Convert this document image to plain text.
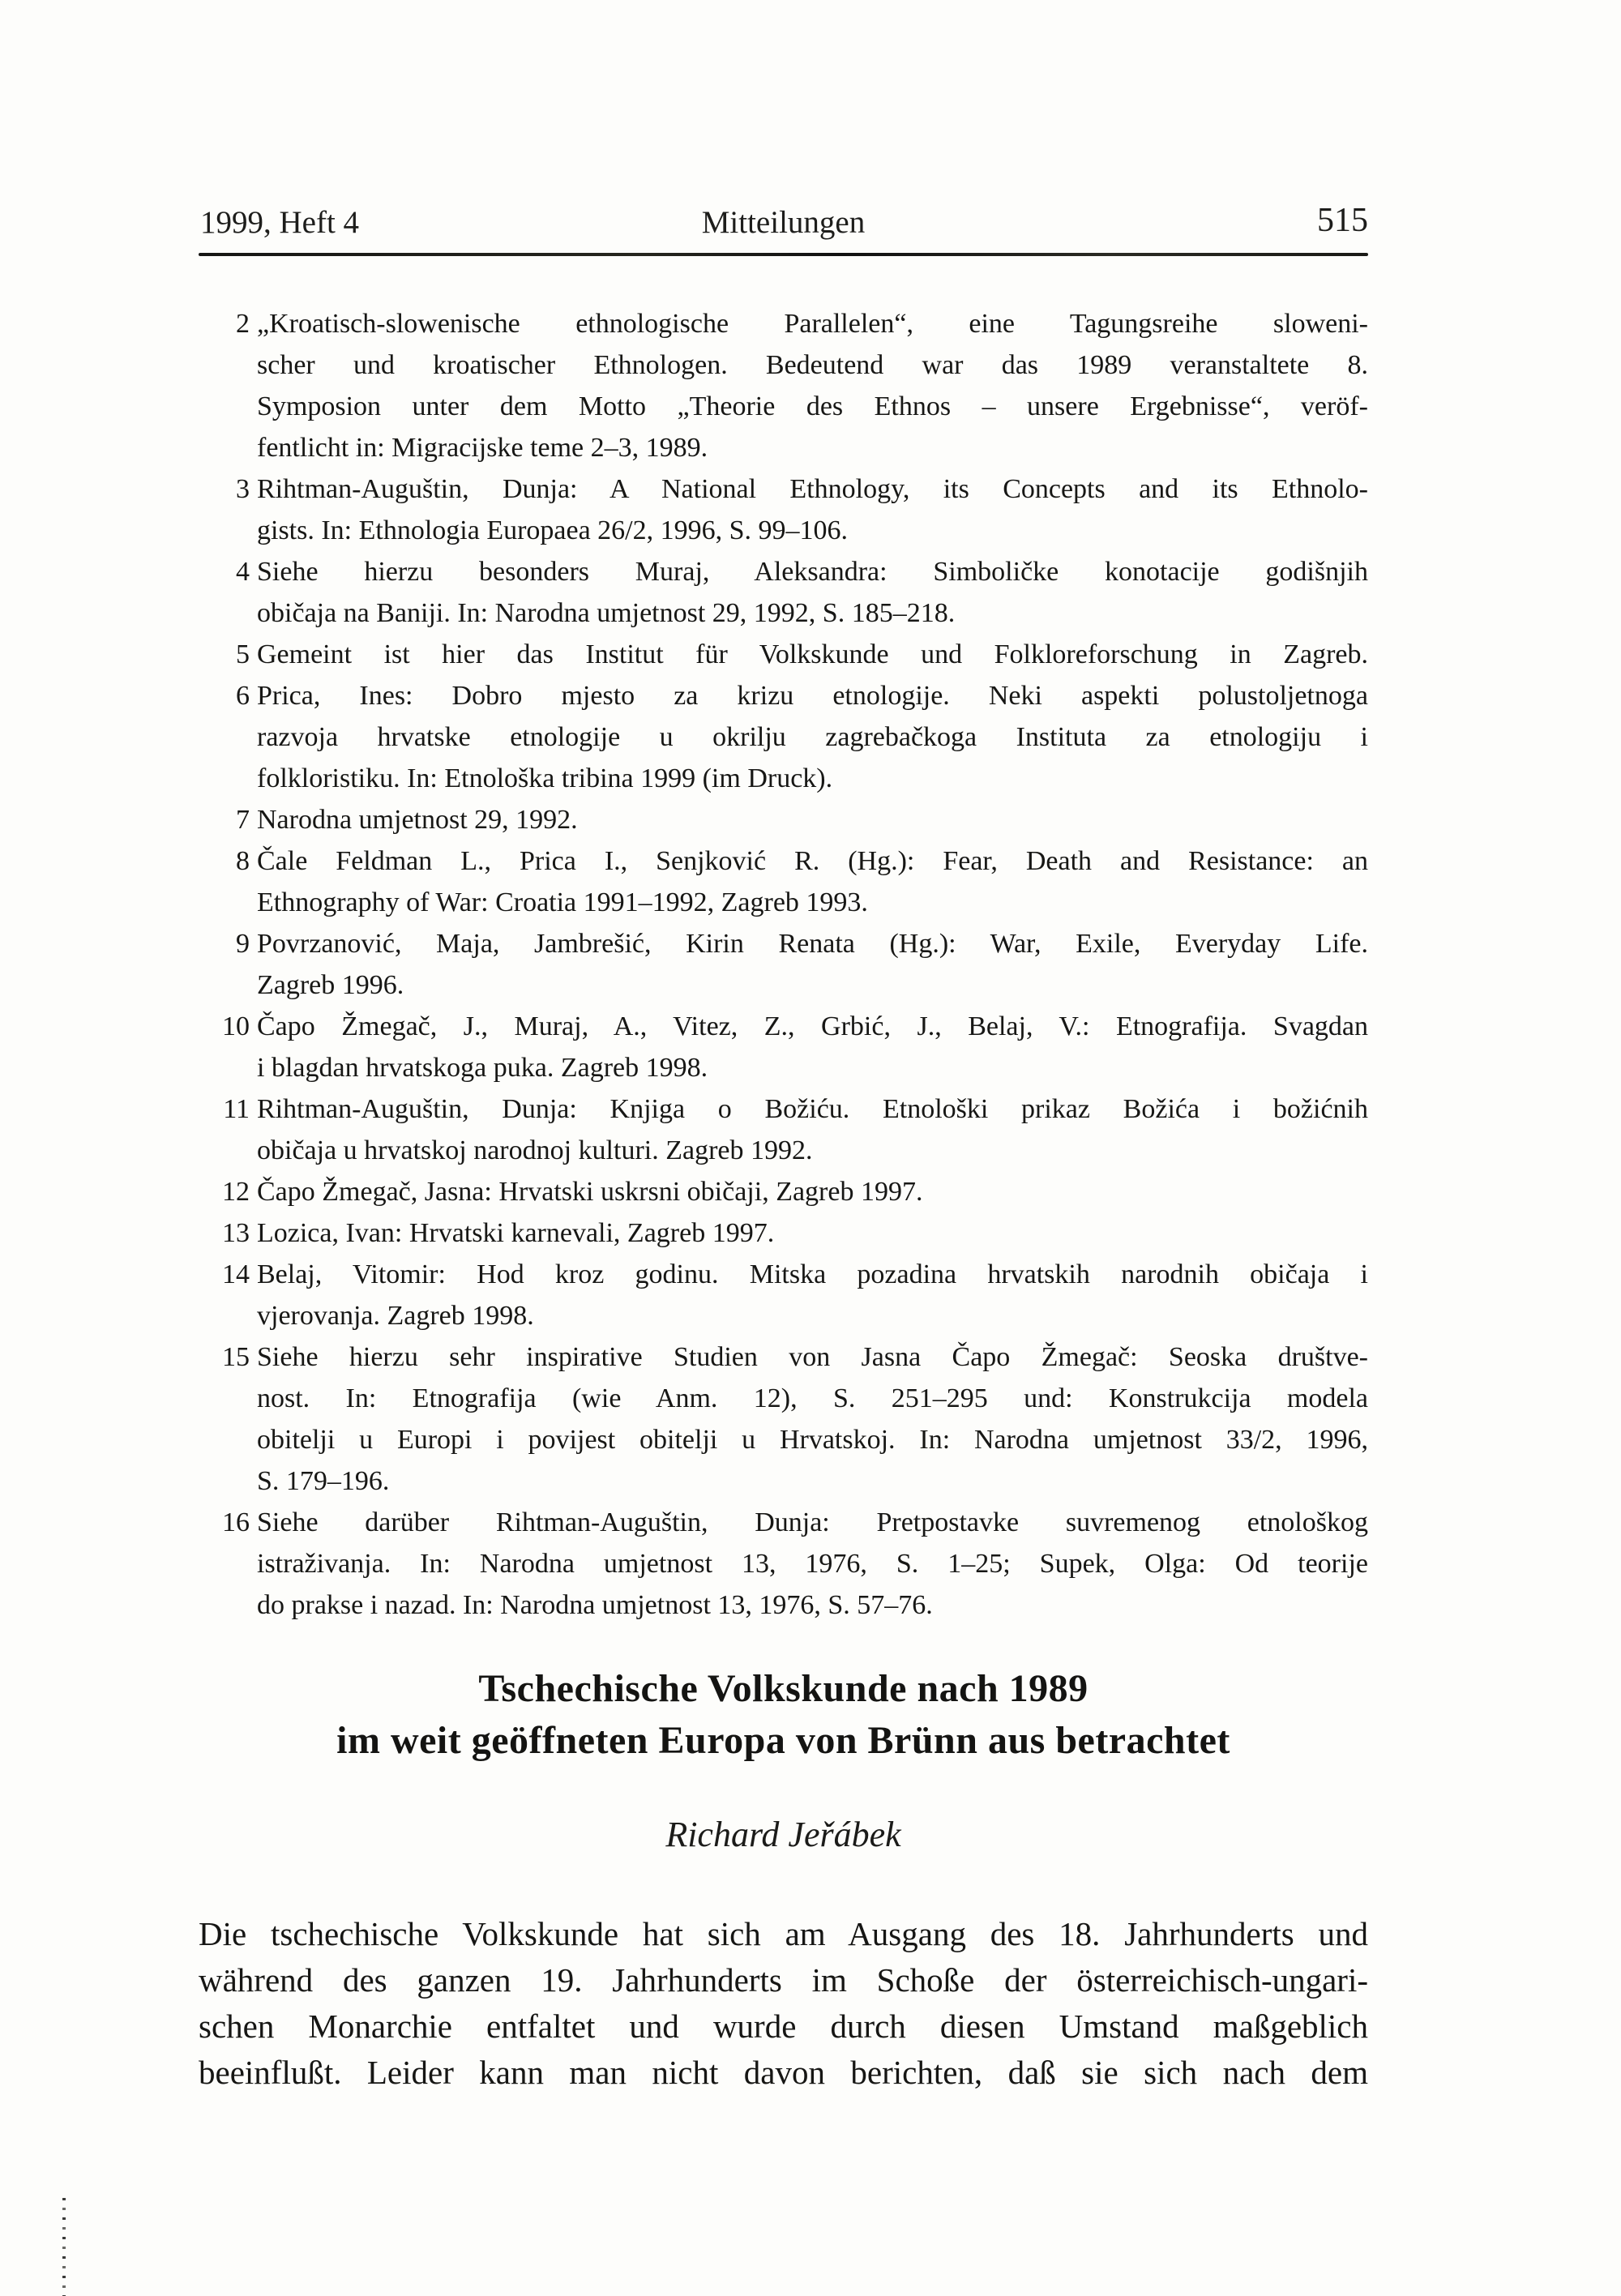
1999, Heft 4	Mitteilungen	515
2 „Kroatisch-slowenische ethnologische Parallelen“, eine Tagungsreihe sloweni-
scher und kroatischer Ethnologen. Bedeutend war das 1989 veranstaltete 8.
Symposion unter dem Motto „Theorie des Ethnos – unsere Ergebnisse“, veröf-
fentlicht in: Migracijske teme 2–3, 1989.
3 Rihtman-Auguštin, Dunja: A National Ethnology, its Concepts and its Ethnolo-
gists. In: Ethnologia Europaea 26/2, 1996, S. 99–106.
4 Siehe hierzu besonders Muraj, Aleksandra: Simboličke konotacije godišnjih
običaja na Baniji. In: Narodna umjetnost 29, 1992, S. 185–218.
5 Gemeint ist hier das Institut für Volkskunde und Folkloreforschung in Zagreb.
6 Prica, Ines: Dobro mjesto za krizu etnologije. Neki aspekti polustoljetnoga
razvoja hrvatske etnologije u okrilju zagrebačkoga Instituta za etnologiju i
folkloristiku. In: Etnološka tribina 1999 (im Druck).
7 Narodna umjetnost 29, 1992.
8 Čale Feldman L., Prica I., Senjković R. (Hg.): Fear, Death and Resistance: an
Ethnography of War: Croatia 1991–1992, Zagreb 1993.
9 Povrzanović, Maja, Jambrešić, Kirin Renata (Hg.): War, Exile, Everyday Life.
Zagreb 1996.
10 Čapo Žmegač, J., Muraj, A., Vitez, Z., Grbić, J., Belaj, V.: Etnografija. Svagdan
i blagdan hrvatskoga puka. Zagreb 1998.
11 Rihtman-Auguštin, Dunja: Knjiga o Božiću. Etnološki prikaz Božića i božićnih
običaja u hrvatskoj narodnoj kulturi. Zagreb 1992.
12 Čapo Žmegač, Jasna: Hrvatski uskrsni običaji, Zagreb 1997.
13 Lozica, Ivan: Hrvatski karnevali, Zagreb 1997.
14 Belaj, Vitomir: Hod kroz godinu. Mitska pozadina hrvatskih narodnih običaja i
vjerovanja. Zagreb 1998.
15 Siehe hierzu sehr inspirative Studien von Jasna Čapo Žmegač: Seoska društve-
nost. In: Etnografija (wie Anm. 12), S. 251–295 und: Konstrukcija modela
obitelji u Europi i povijest obitelji u Hrvatskoj. In: Narodna umjetnost 33/2, 1996,
S. 179–196.
16 Siehe darüber Rihtman-Auguštin, Dunja: Pretpostavke suvremenog etnološkog
istraživanja. In: Narodna umjetnost 13, 1976, S. 1–25; Supek, Olga: Od teorije
do prakse i nazad. In: Narodna umjetnost 13, 1976, S. 57–76.
Tschechische Volkskunde nach 1989
im weit geöffneten Europa von Brünn aus betrachtet
Richard Jeřábek
Die tschechische Volkskunde hat sich am Ausgang des 18. Jahrhunderts und
während des ganzen 19. Jahrhunderts im Schoße der österreichisch-ungari-
schen Monarchie entfaltet und wurde durch diesen Umstand maßgeblich
beeinflußt. Leider kann man nicht davon berichten, daß sie sich nach dem
